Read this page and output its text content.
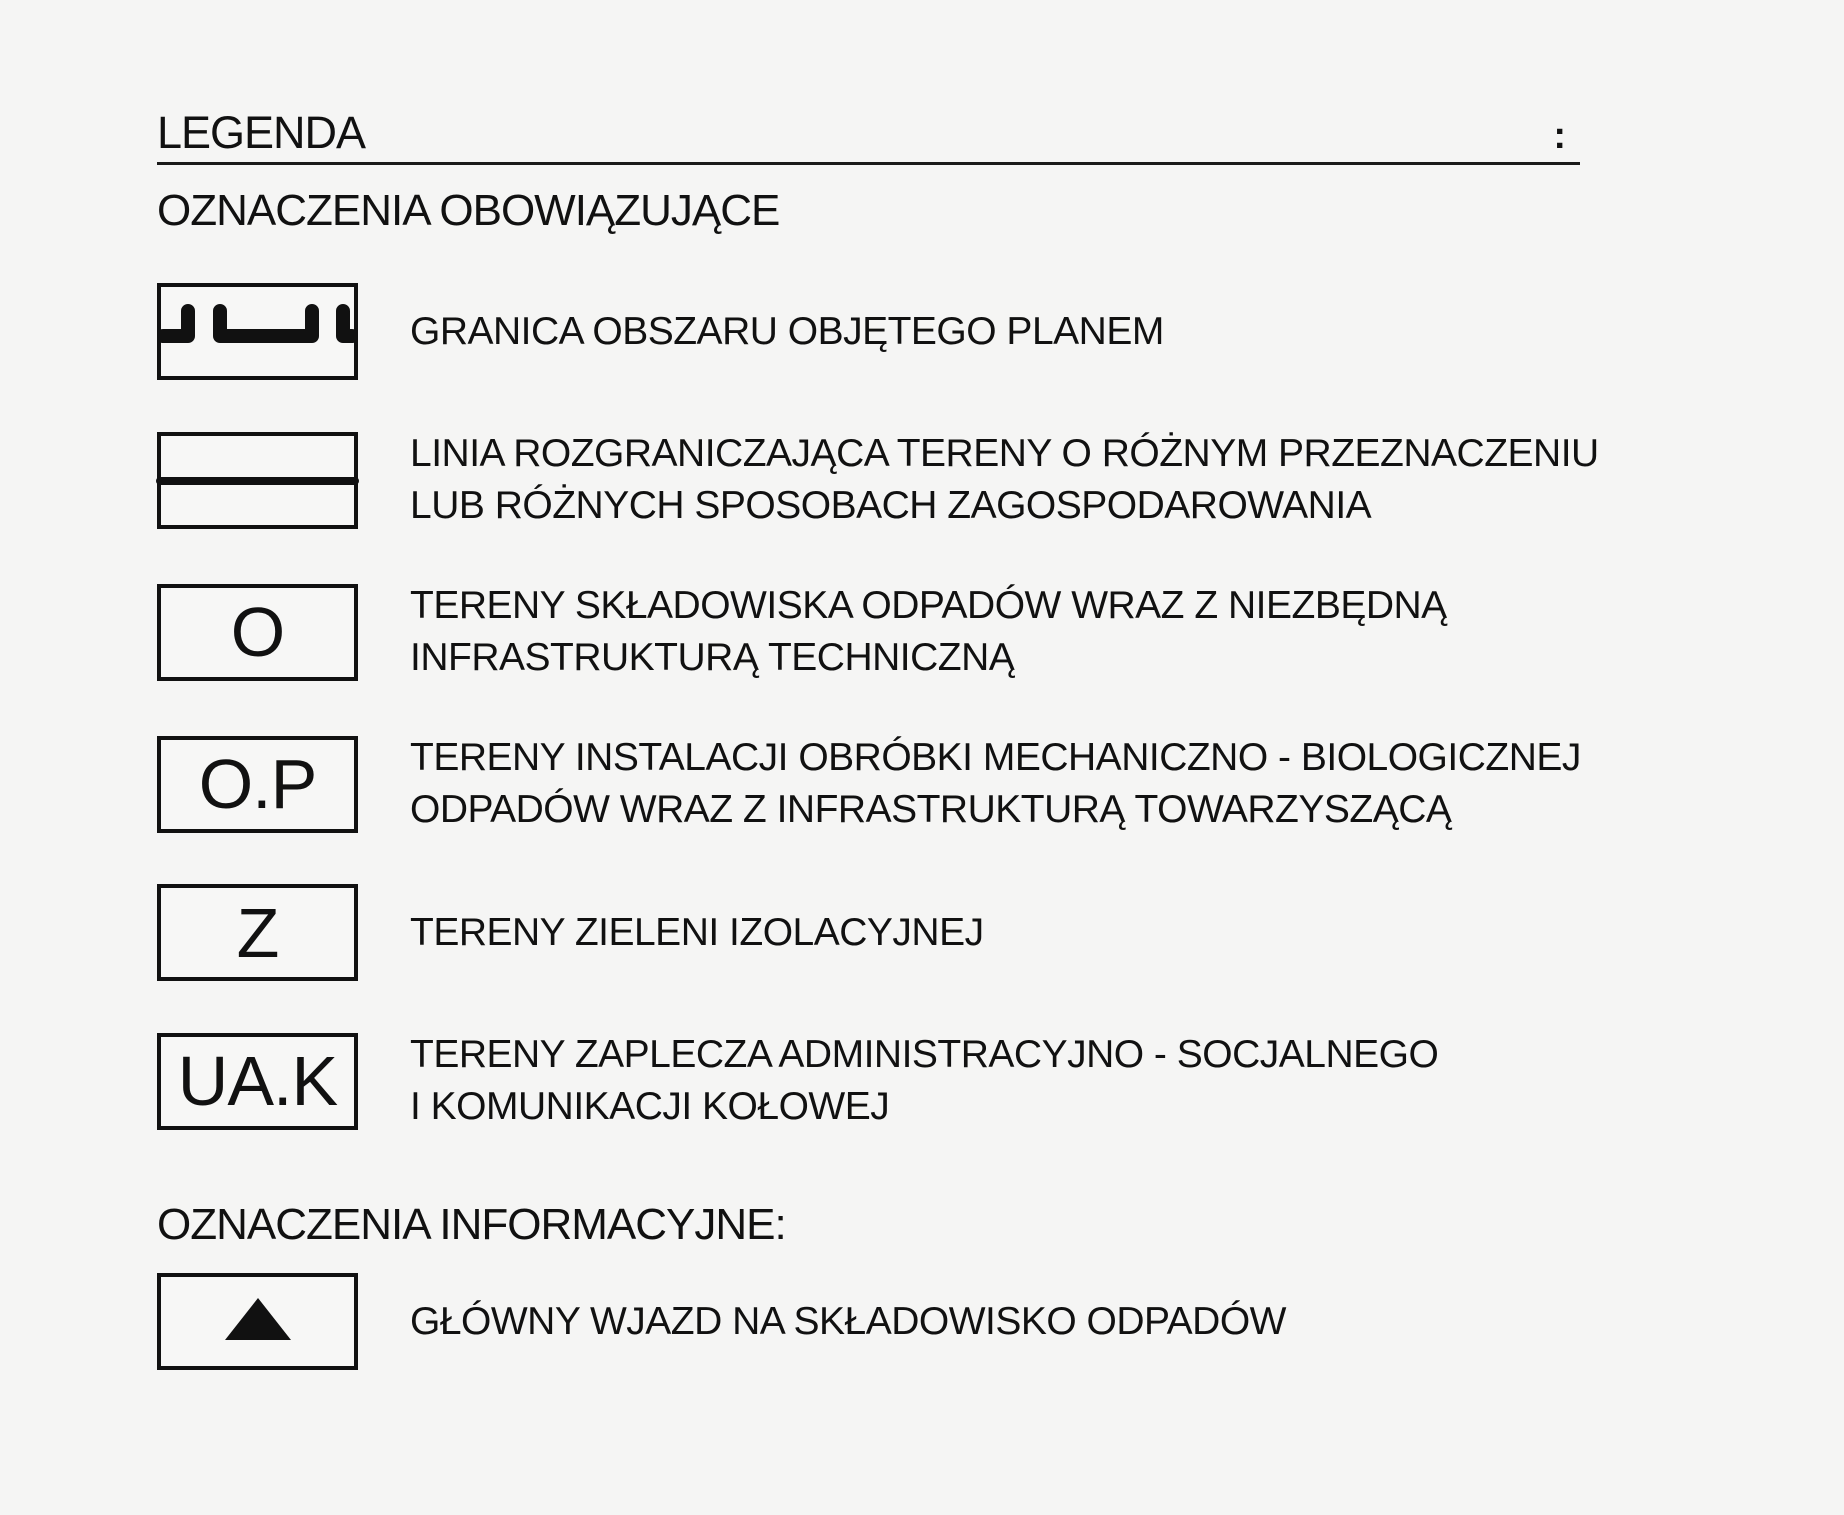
LEGENDA	:
OZNACZENIA OBOWIĄZUJĄCE
GRANICA OBSZARU OBJĘTEGO PLANEM
LINIA ROZGRANICZAJĄCA TERENY O RÓŻNYM PRZEZNACZENIU
LUB RÓŻNYCH SPOSOBACH ZAGOSPODAROWANIA
O	TERENY SKŁADOWISKA ODPADÓW WRAZ Z NIEZBĘDNĄ
INFRASTRUKTURĄ TECHNICZNĄ
O.P TERENY INSTALACJI OBRÓBKI MECHANICZNO - BIOLOGICZNEJ
ODPADÓW WRAZ Z INFRASTRUKTURĄ TOWARZYSZĄCĄ
Z	TERENY ZIELENI IZOLACYJNEJ
UA.K TERENY ZAPLECZA ADMINISTRACYJNO - SOCJALNEGO
I KOMUNIKACJI KOŁOWEJ
OZNACZENIA INFORMACYJNE:
GŁÓWNY WJAZD NA SKŁADOWISKO ODPADÓW
